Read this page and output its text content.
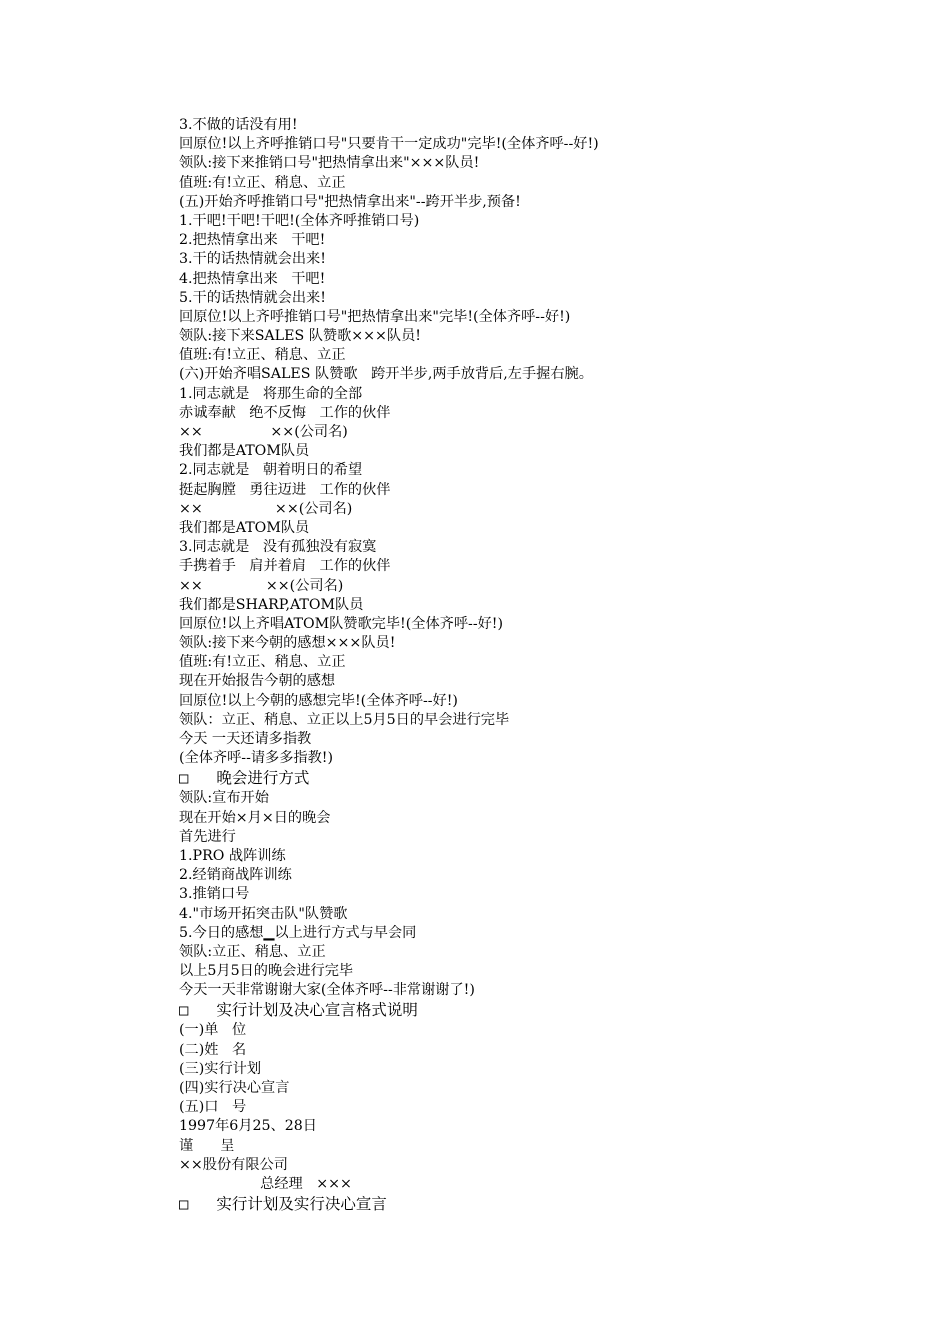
3.不做的话没有用!
回原位!以上齐呼推销口号"只要肯干一定成功"完毕!(全体齐呼--好!)
领队:接下来推销口号"把热情拿出来"×××队员!
值班:有!立正、稍息、立正
(五)开始齐呼推销口号"把热情拿出来"--跨开半步,预备!
1.干吧!干吧!干吧!(全体齐呼推销口号)
2.把热情拿出来   干吧!
3.干的话热情就会出来!
4.把热情拿出来   干吧!
5.干的话热情就会出来!
回原位!以上齐呼推销口号"把热情拿出来"完毕!(全体齐呼--好!)
领队:接下来SALES 队赞歌×××队员!
值班:有!立正、稍息、立正
(六)开始齐唱SALES 队赞歌   跨开半步,两手放背后,左手握右腕。
1.同志就是   将那生命的全部
赤诚奉献   绝不反悔   工作的伙伴
××               ××(公司名)
我们都是ATOM队员
2.同志就是   朝着明日的希望
挺起胸膛   勇往迈进   工作的伙伴
××                ××(公司名)
我们都是ATOM队员
3.同志就是   没有孤独没有寂寞
手携着手   肩并着肩   工作的伙伴
××              ××(公司名)
我们都是SHARP,ATOM队员
回原位!以上齐唱ATOM队赞歌完毕!(全体齐呼--好!)
领队:接下来今朝的感想×××队员!
值班:有!立正、稍息、立正
现在开始报告今朝的感想
回原位!以上今朝的感想完毕!(全体齐呼--好!)
领队：立正、稍息、立正以上5月5日的早会进行完毕
今天 一天还请多指教
(全体齐呼--请多多指教!)
□   晚会进行方式
领队:宣布开始
现在开始×月×日的晚会
首先进行
1.PRO 战阵训练
2.经销商战阵训练
3.推销口号
4."市场开拓突击队"队赞歌
5.今日的感想▁以上进行方式与早会同
领队:立正、稍息、立正
以上5月5日的晚会进行完毕
今天一天非常谢谢大家(全体齐呼--非常谢谢了!)
□   实行计划及决心宣言格式说明
(一)单   位
(二)姓   名
(三)实行计划
(四)实行决心宣言
(五)口   号
1997年6月25、28日
谨      呈
××股份有限公司
总经理   ×××
□   实行计划及实行决心宣言
